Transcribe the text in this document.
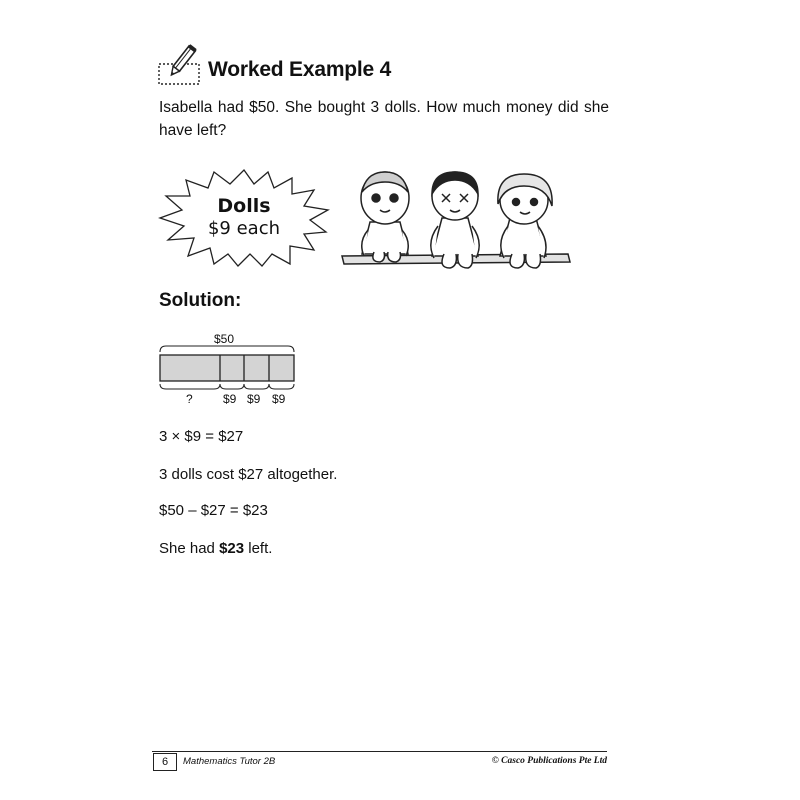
Worked Example 4
Isabella had $50. She bought 3 dolls. How much money did she have left?
Dolls
$9 each
Solution:
$50
?	$9 $9 $9
3 × $9 = $27
3 dolls cost $27 altogether.
$50 – $27 = $23
She had $23 left.
6	Mathematics Tutor 2B	© Casco Publications Pte Ltd
